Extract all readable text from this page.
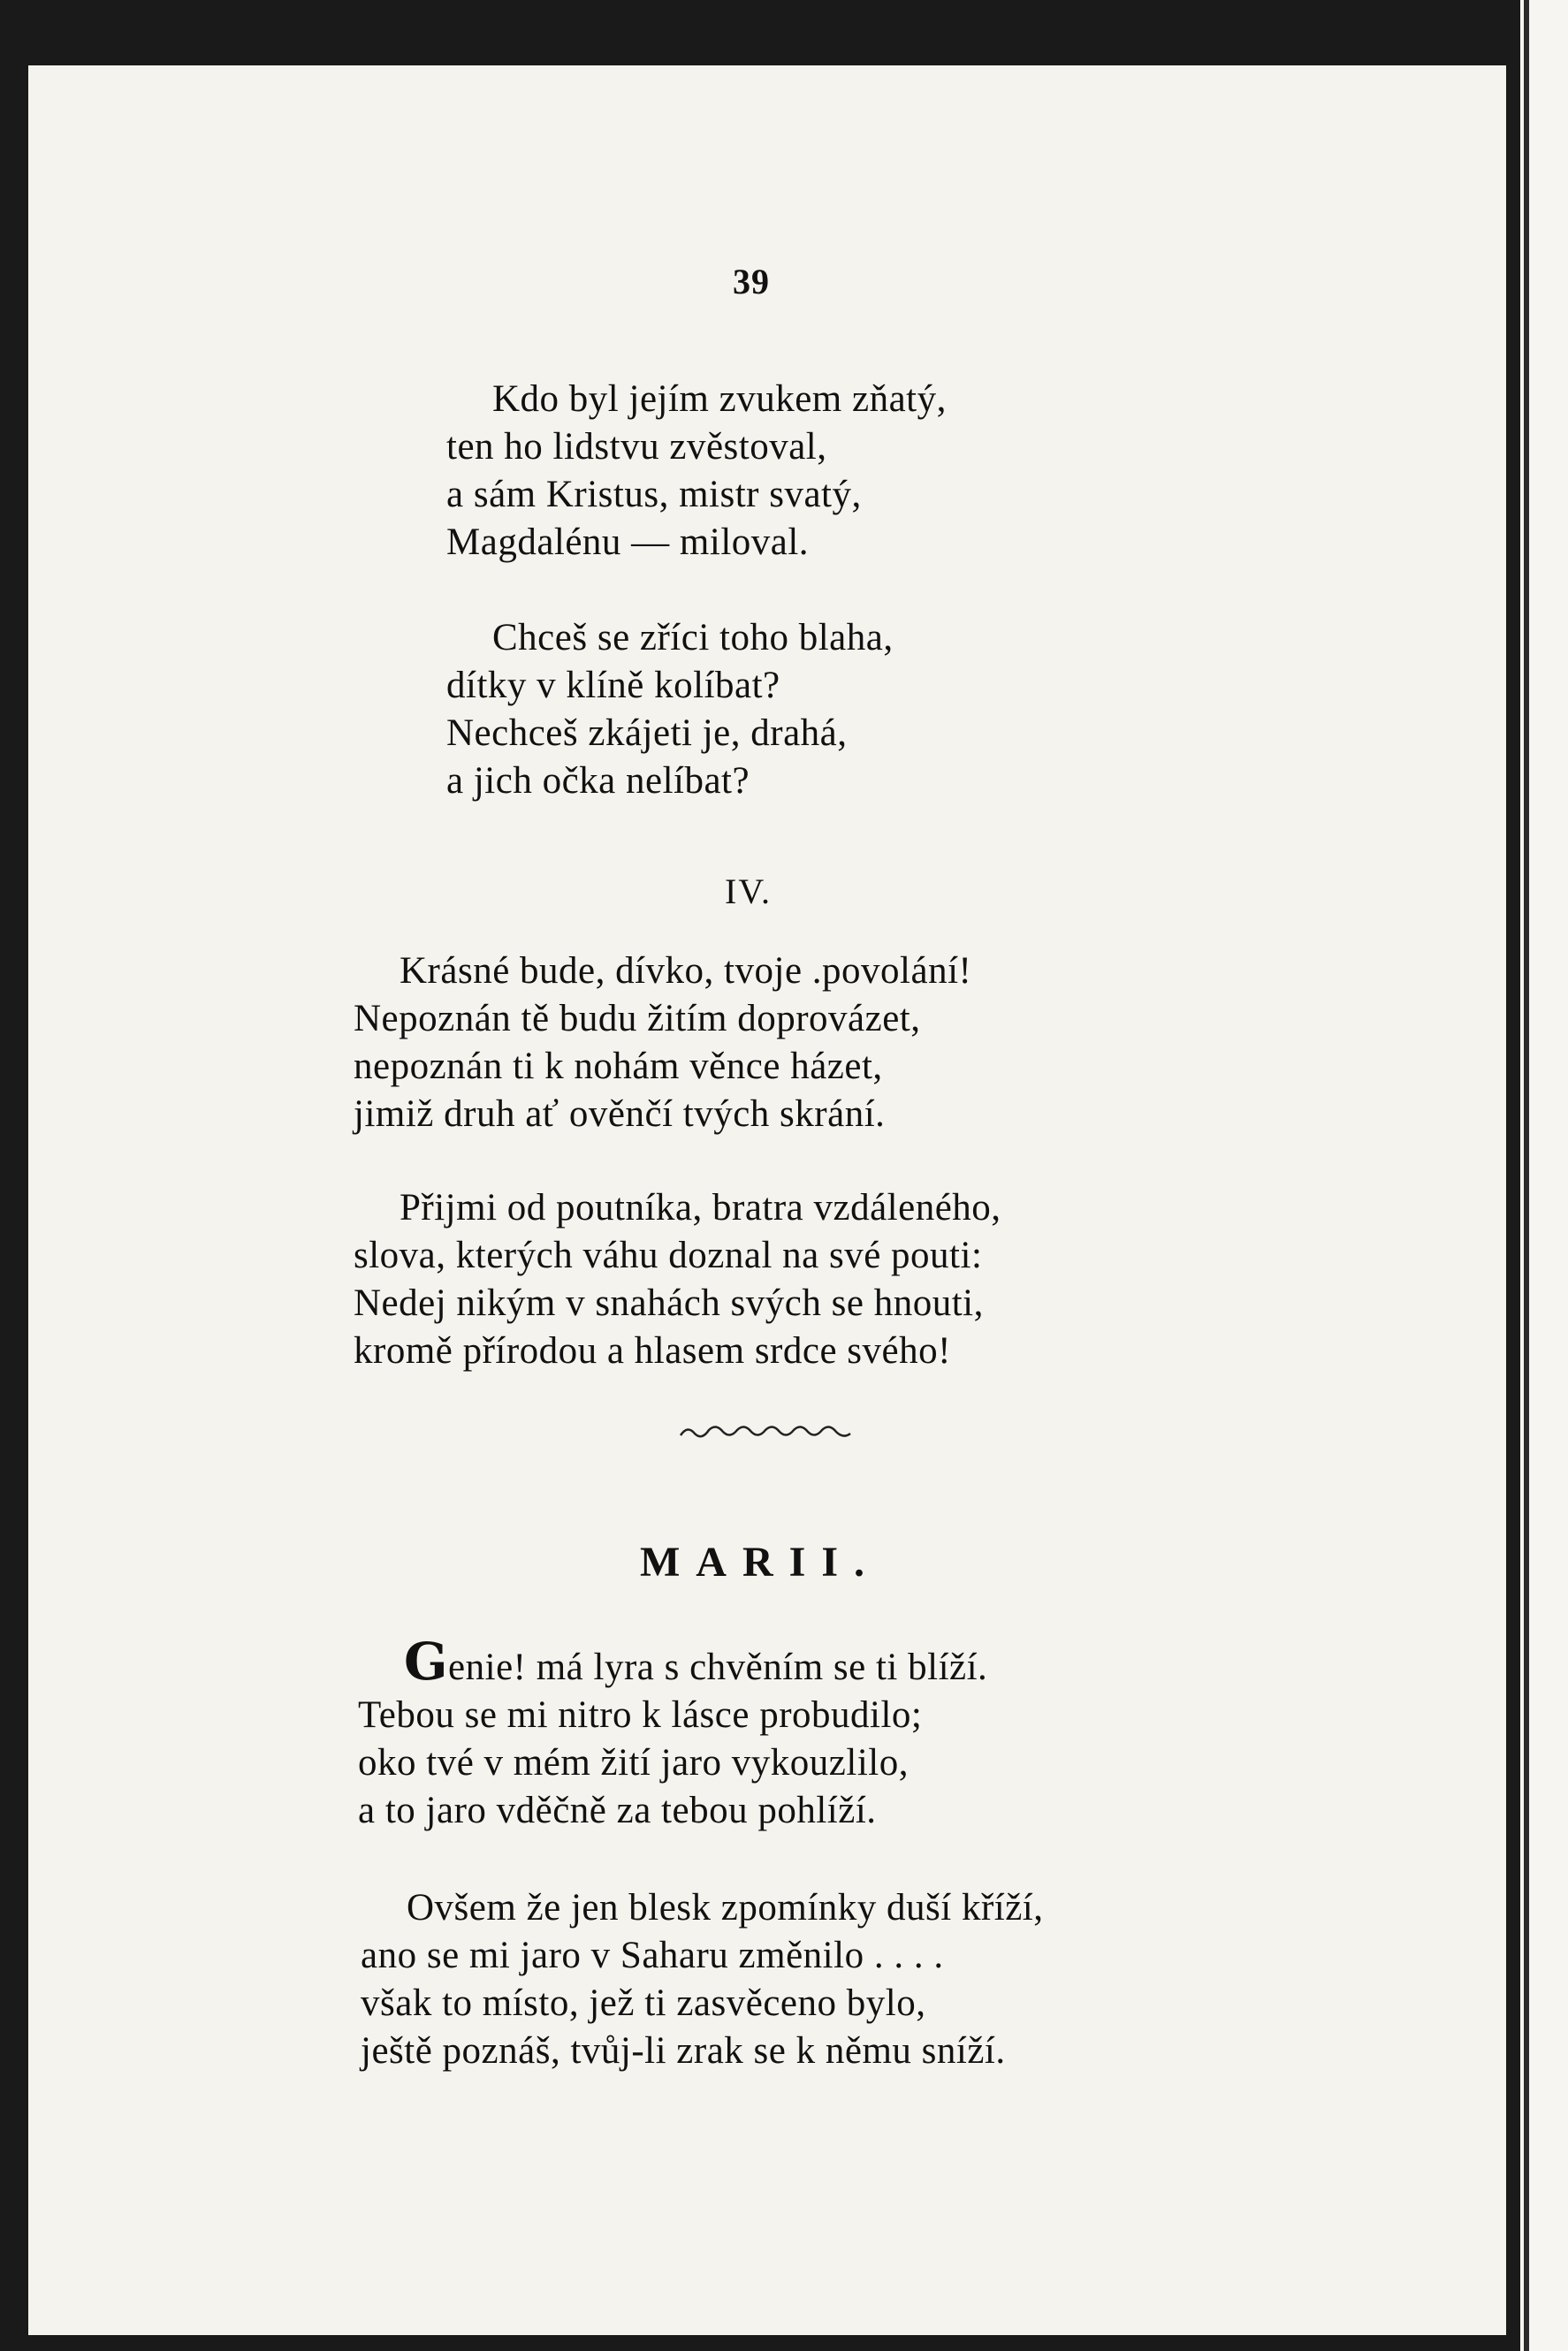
39
Kdo byl jejím zvukem zňatý,
ten ho lidstvu zvěstoval,
a sám Kristus, mistr svatý,
Magdalénu — miloval.
Chceš se zříci toho blaha,
dítky v klíně kolíbat?
Nechceš zkájeti je, drahá,
a jich očka nelíbat?
IV.
Krásné bude, dívko, tvoje .povolání!
Nepoznán tě budu žitím doprovázet,
nepoznán ti k nohám věnce házet,
jimiž druh ať ověnčí tvých skrání.
Přijmi od poutníka, bratra vzdáleného,
slova, kterých váhu doznal na své pouti:
Nedej nikým v snahách svých se hnouti,
kromě přírodou a hlasem srdce svého!
MARII.
Genie! má lyra s chvěním se ti blíží.
Tebou se mi nitro k lásce probudilo;
oko tvé v mém žití jaro vykouzlilo,
a to jaro vděčně za tebou pohlíží.
Ovšem že jen blesk zpomínky duší kříží,
ano se mi jaro v Saharu změnilo . . . .
však to místo, jež ti zasvěceno bylo,
ještě poznáš, tvůj-li zrak se k němu sníží.
